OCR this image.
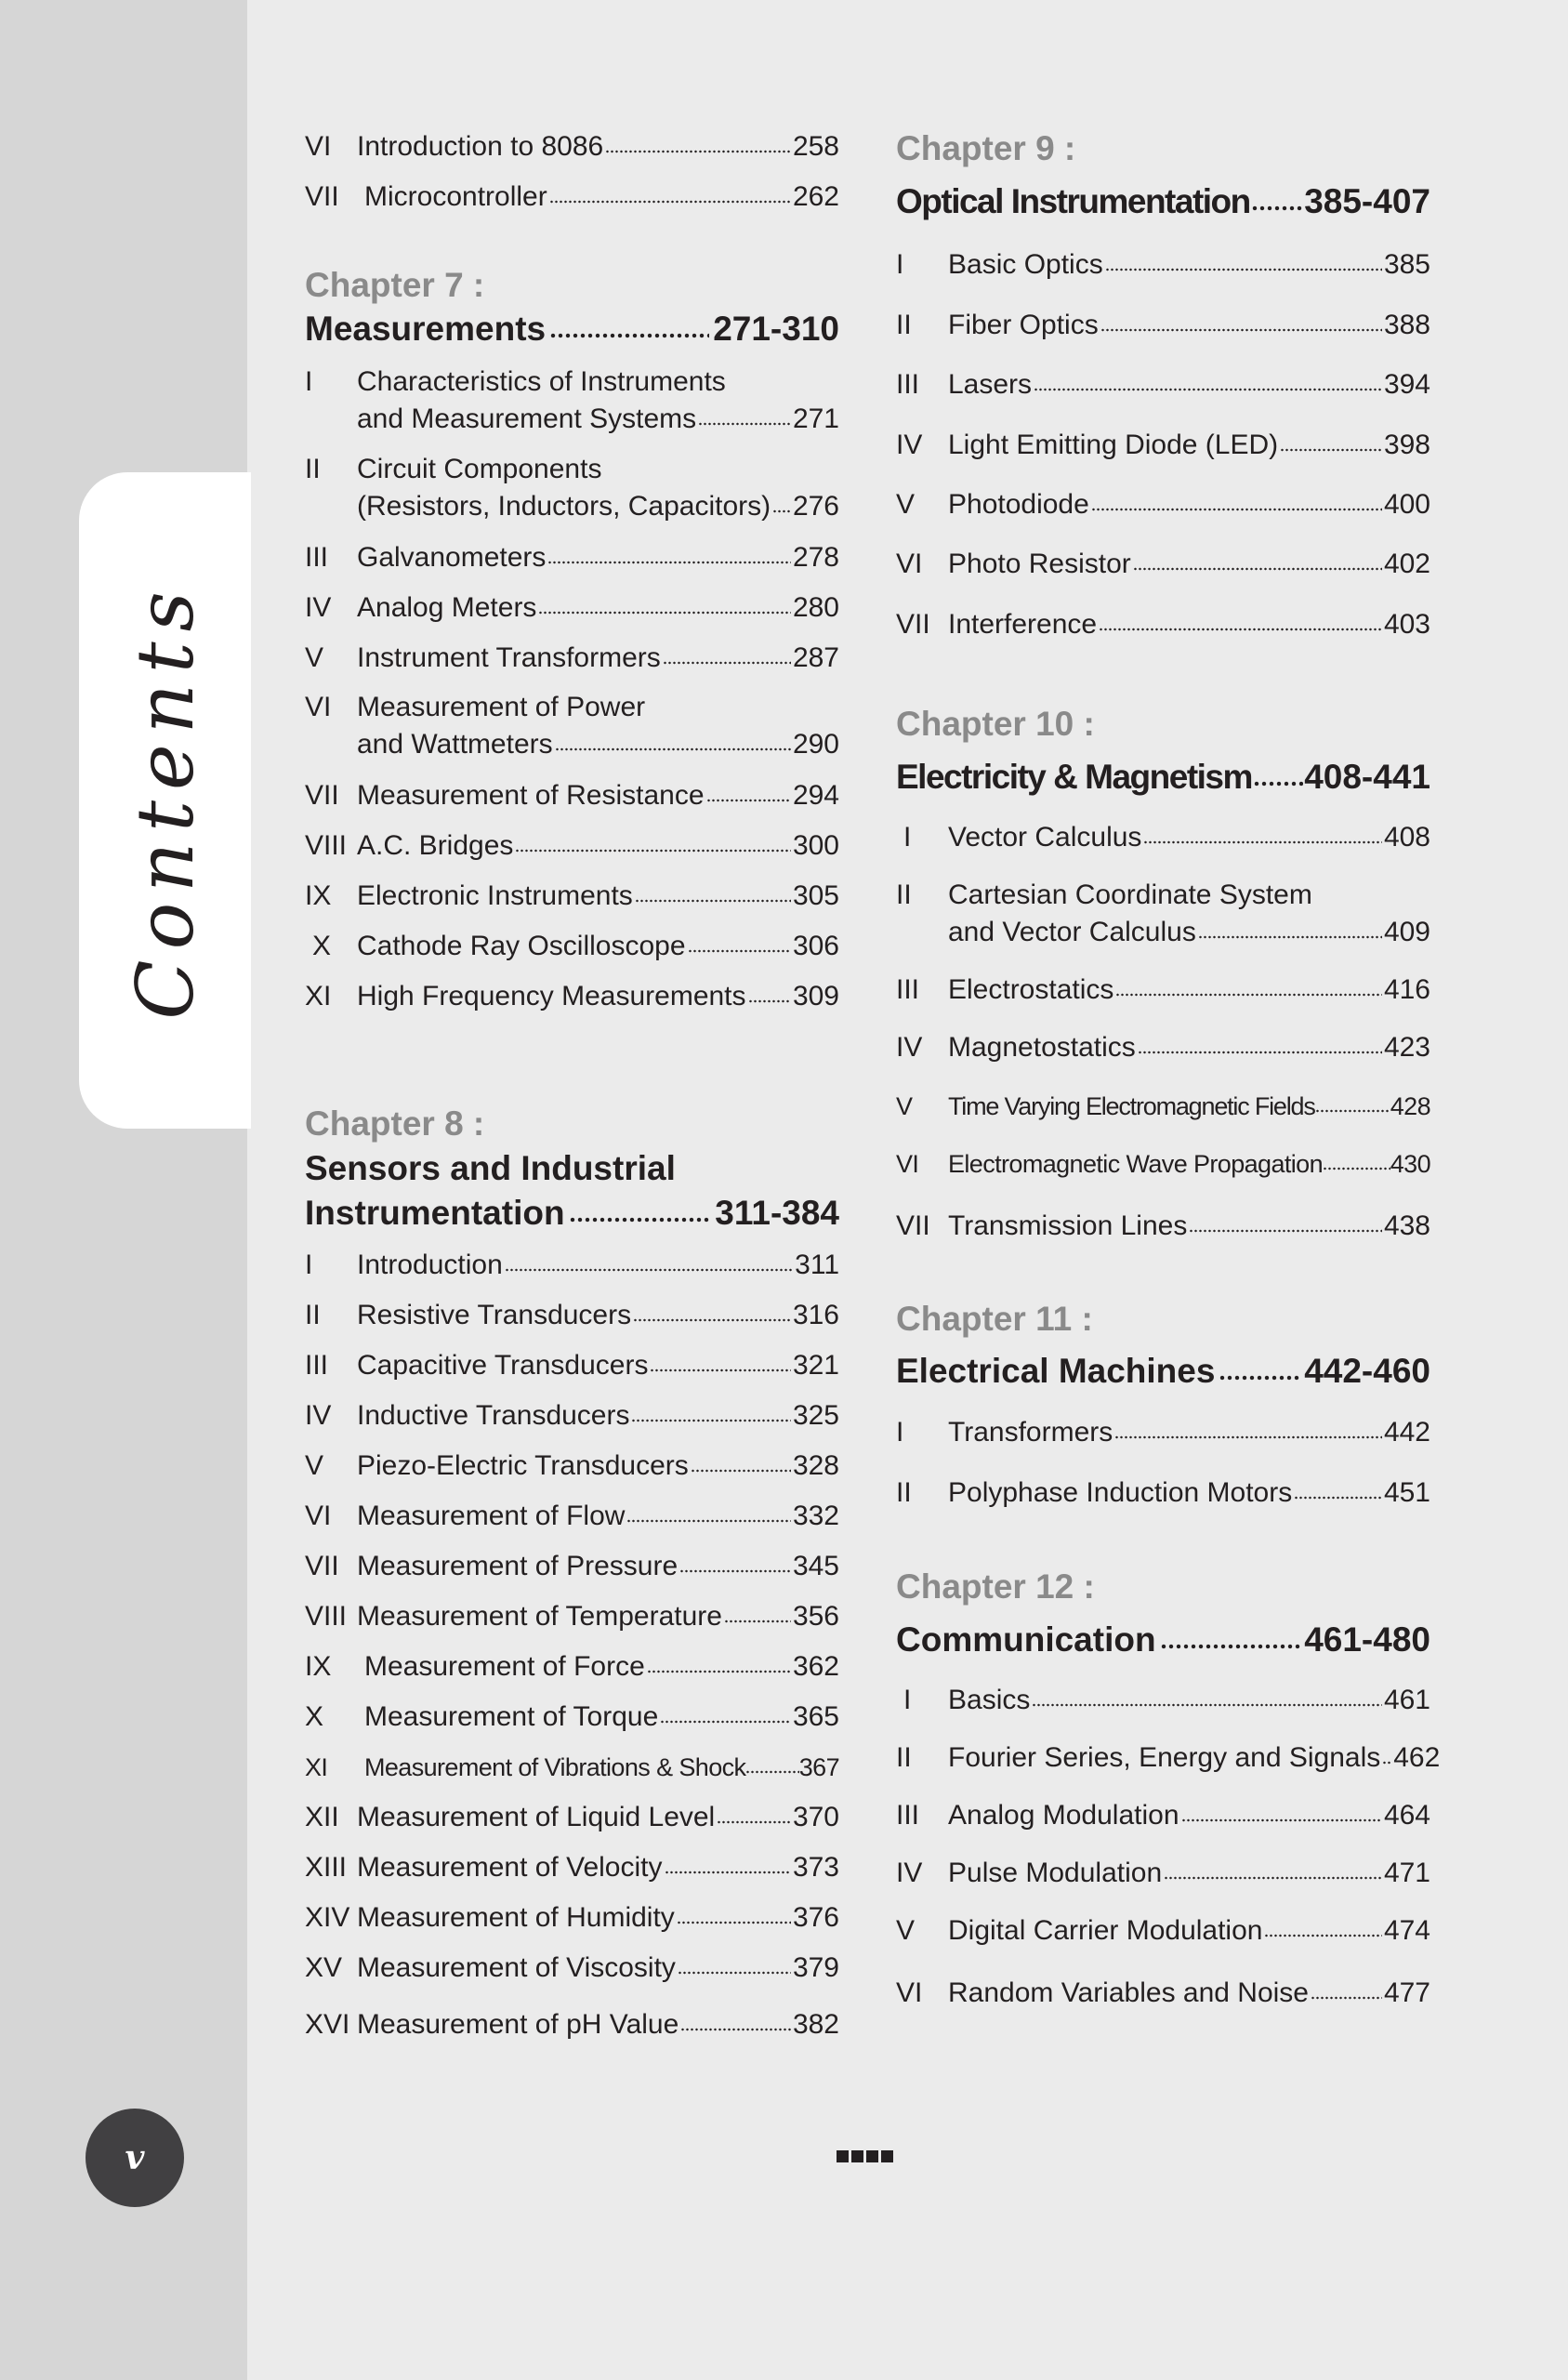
Contents
v
VI Introduction to 8086	258
VII Microcontroller	262
Chapter 7 :
Measurements	271-310
I	Characteristics of Instruments
and Measurement Systems	271
II	Circuit Components
(Resistors, Inductors, Capacitors) 276
III	Galvanometers	278
IV Analog Meters	280
V	Instrument Transformers	287
VI Measurement of Power
and Wattmeters	290
VII Measurement of Resistance	294
VIII A.C. Bridges	300
IX Electronic Instruments	305
X Cathode Ray Oscilloscope	306
XI High Frequency Measurements 309
Chapter 8 :
Sensors and Industrial
Instrumentation	311-384
I	Introduction	311
II	Resistive Transducers	316
III	Capacitive Transducers	321
IV Inductive Transducers	325
V	Piezo-Electric Transducers	328
VI Measurement of Flow	332
VII Measurement of Pressure	345
VIII Measurement of Temperature	356
IX	Measurement of Force	362
X	Measurement of Torque	365
XI	Measurement of Vibrations & Shock 367
XII Measurement of Liquid Level	370
XIII Measurement of Velocity	373
XIV Measurement of Humidity	376
XV Measurement of Viscosity	379
XVI Measurement of pH Value	382
Chapter 9 :
Optical Instrumentation 385-407
I	Basic Optics	385
II	Fiber Optics	388
III	Lasers	394
IV Light Emitting Diode (LED)	398
V	Photodiode	400
VI Photo Resistor	402
VII Interference	403
Chapter 10 :
Electricity & Magnetism 408-441
I	Vector Calculus	408
II	Cartesian Coordinate System
and Vector Calculus	409
III	Electrostatics	416
IV Magnetostatics	423
V	Time Varying Electromagnetic Fields	428
VI	Electromagnetic Wave Propagation	430
VII Transmission Lines	438
Chapter 11 :
Electrical Machines	442-460
I	Transformers	442
II	Polyphase Induction Motors	451
Chapter 12 :
Communication	461-480
I	Basics	461
II	Fourier Series, Energy and Signals 462
III	Analog Modulation	464
IV Pulse Modulation	471
V	Digital Carrier Modulation	474
VI Random Variables and Noise	477
